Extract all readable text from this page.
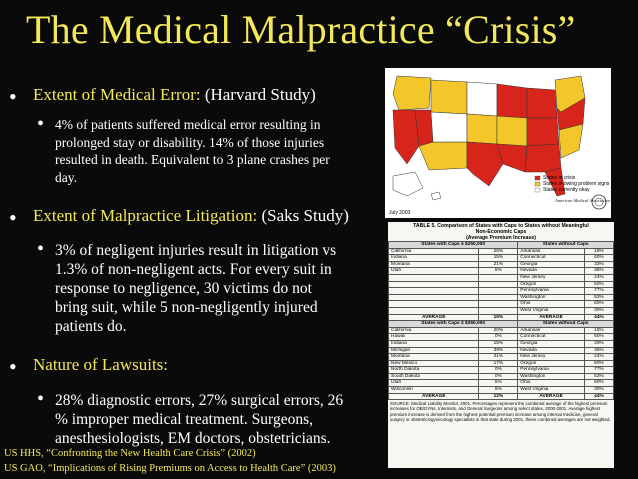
The Medical Malpractice “Crisis”
• Extent of Medical Error: (Harvard Study)
• 4% of patients suffered medical error resulting in
prolonged stay or disability. 14% of those injuries
resulted in death. Equivalent to 3 plane crashes per
day.
• Extent of Malpractice Litigation: (Saks Study)
• 3% of negligent injuries result in litigation vs
1.3% of non-negligent acts. For every suit in
response to negligence, 30 victims do not
bring suit, while 5 non-negligently injured
patients do.
• Nature of Lawsuits:
• 28% diagnostic errors, 27% surgical errors, 26
% improper medical treatment. Surgeons,
anesthesiologists, EM doctors, obstetricians.
US HHS, “Confronting the New Health Care Crisis” (2002)
US GAO, “Implications of Rising Premiums on Access to Health Care” (2003)
States in crisis
States showing problem signs
States currently okay
American Medical Association
July 2003
TABLE 5. Comparison of States with Caps to States without Meaningful
Non-Economic Caps
(Average Premium Increase)
States with Caps ≤ $250,000		States without Caps	
California	20%	Arkansas	18%
Indiana	15%	Connecticut	60%
Montana	21%	Georgia	33%
Utah	5%	Nevada	35%
		New Jersey	24%
		Oregon	50%
		Pennsylvania	77%
		Washington	53%
		Ohio	60%
		West Virginia	30%
AVERAGE	15%	AVERAGE	44%
States with Caps ≤ $350,000		States without Caps	
California	20%	Arkansas	18%
Hawaii	0%	Connecticut	60%
Indiana	15%	Georgia	33%
Michigan	39%	Nevada	35%
Montana	21%	New Jersey	24%
New Mexico	17%	Oregon	50%
North Dakota	0%	Pennsylvania	77%
South Dakota	0%	Washington	53%
Utah	5%	Ohio	60%
Wisconsin	5%	West Virginia	30%
AVERAGE	12%	AVERAGE	44%
SOURCE: Medical Liability Monitor, 2001. Percentages represent the combined average of the highest premium increases for OB/GYNs, Internists, and General Surgeons among select states, 2000-2001. Average highest premium increase is derived from the highest potential premium increase among internal medicine, general surgery or obstetrics/gynecology specialists in that state during 2001, these combined averages are not weighted.
